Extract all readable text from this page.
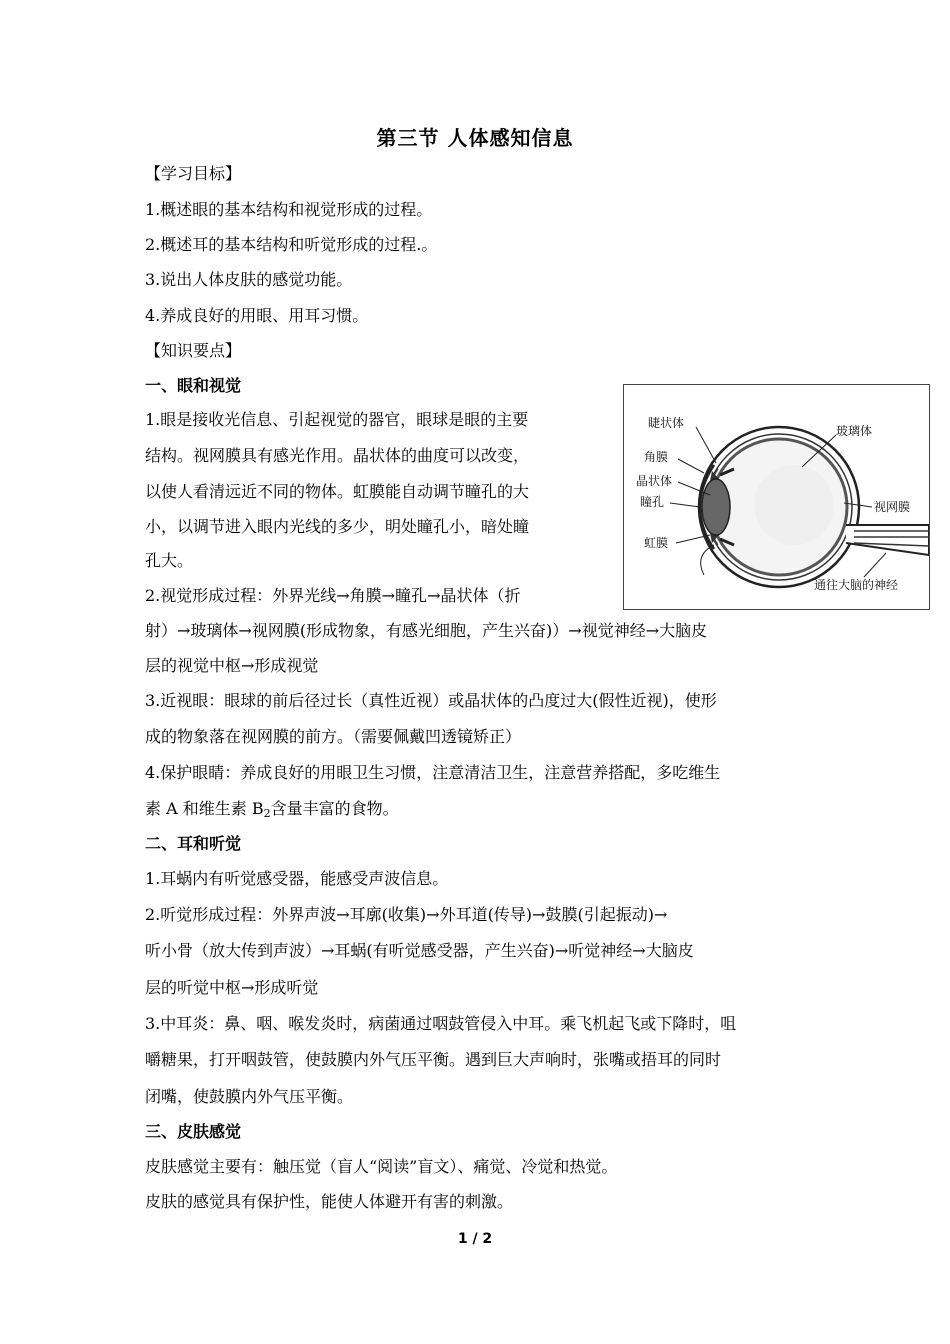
第三节 人体感知信息
【学习目标】
1.概述眼的基本结构和视觉形成的过程。
2.概述耳的基本结构和听觉形成的过程.。
3.说出人体皮肤的感觉功能。
4.养成良好的用眼、用耳习惯。
【知识要点】
一、眼和视觉
1.眼是接收光信息、引起视觉的器官，眼球是眼的主要
结构。视网膜具有感光作用。晶状体的曲度可以改变，
以使人看清远近不同的物体。虹膜能自动调节瞳孔的大
小，以调节进入眼内光线的多少，明处瞳孔小，暗处瞳
孔大。
2.视觉形成过程：外界光线→角膜→瞳孔→晶状体（折
射）→玻璃体→视网膜(形成物象，有感光细胞，产生兴奋)）→视觉神经→大脑皮
层的视觉中枢→形成视觉
3.近视眼：眼球的前后径过长（真性近视）或晶状体的凸度过大(假性近视)，使形
成的物象落在视网膜的前方。（需要佩戴凹透镜矫正）
4.保护眼睛：养成良好的用眼卫生习惯，注意清洁卫生，注意营养搭配，多吃维生
素 A 和维生素 $B_2$含量丰富的食物。
睫状体
角膜
晶状体
瞳孔
虹膜
玻璃体
视网膜
通往大脑的神经
二、耳和听觉
1.耳蜗内有听觉感受器，能感受声波信息。
2.听觉形成过程：外界声波→耳廓(收集)→外耳道(传导)→鼓膜(引起振动)→
听小骨（放大传到声波）→耳蜗(有听觉感受器，产生兴奋)→听觉神经→大脑皮
层的听觉中枢→形成听觉
3.中耳炎：鼻、咽、喉发炎时，病菌通过咽鼓管侵入中耳。乘飞机起飞或下降时，咀
嚼糖果，打开咽鼓管，使鼓膜内外气压平衡。遇到巨大声响时，张嘴或捂耳的同时
闭嘴，使鼓膜内外气压平衡。
三、皮肤感觉
皮肤感觉主要有：触压觉（盲人“阅读”盲文）、痛觉、冷觉和热觉。
皮肤的感觉具有保护性，能使人体避开有害的刺激。
1 / 2
